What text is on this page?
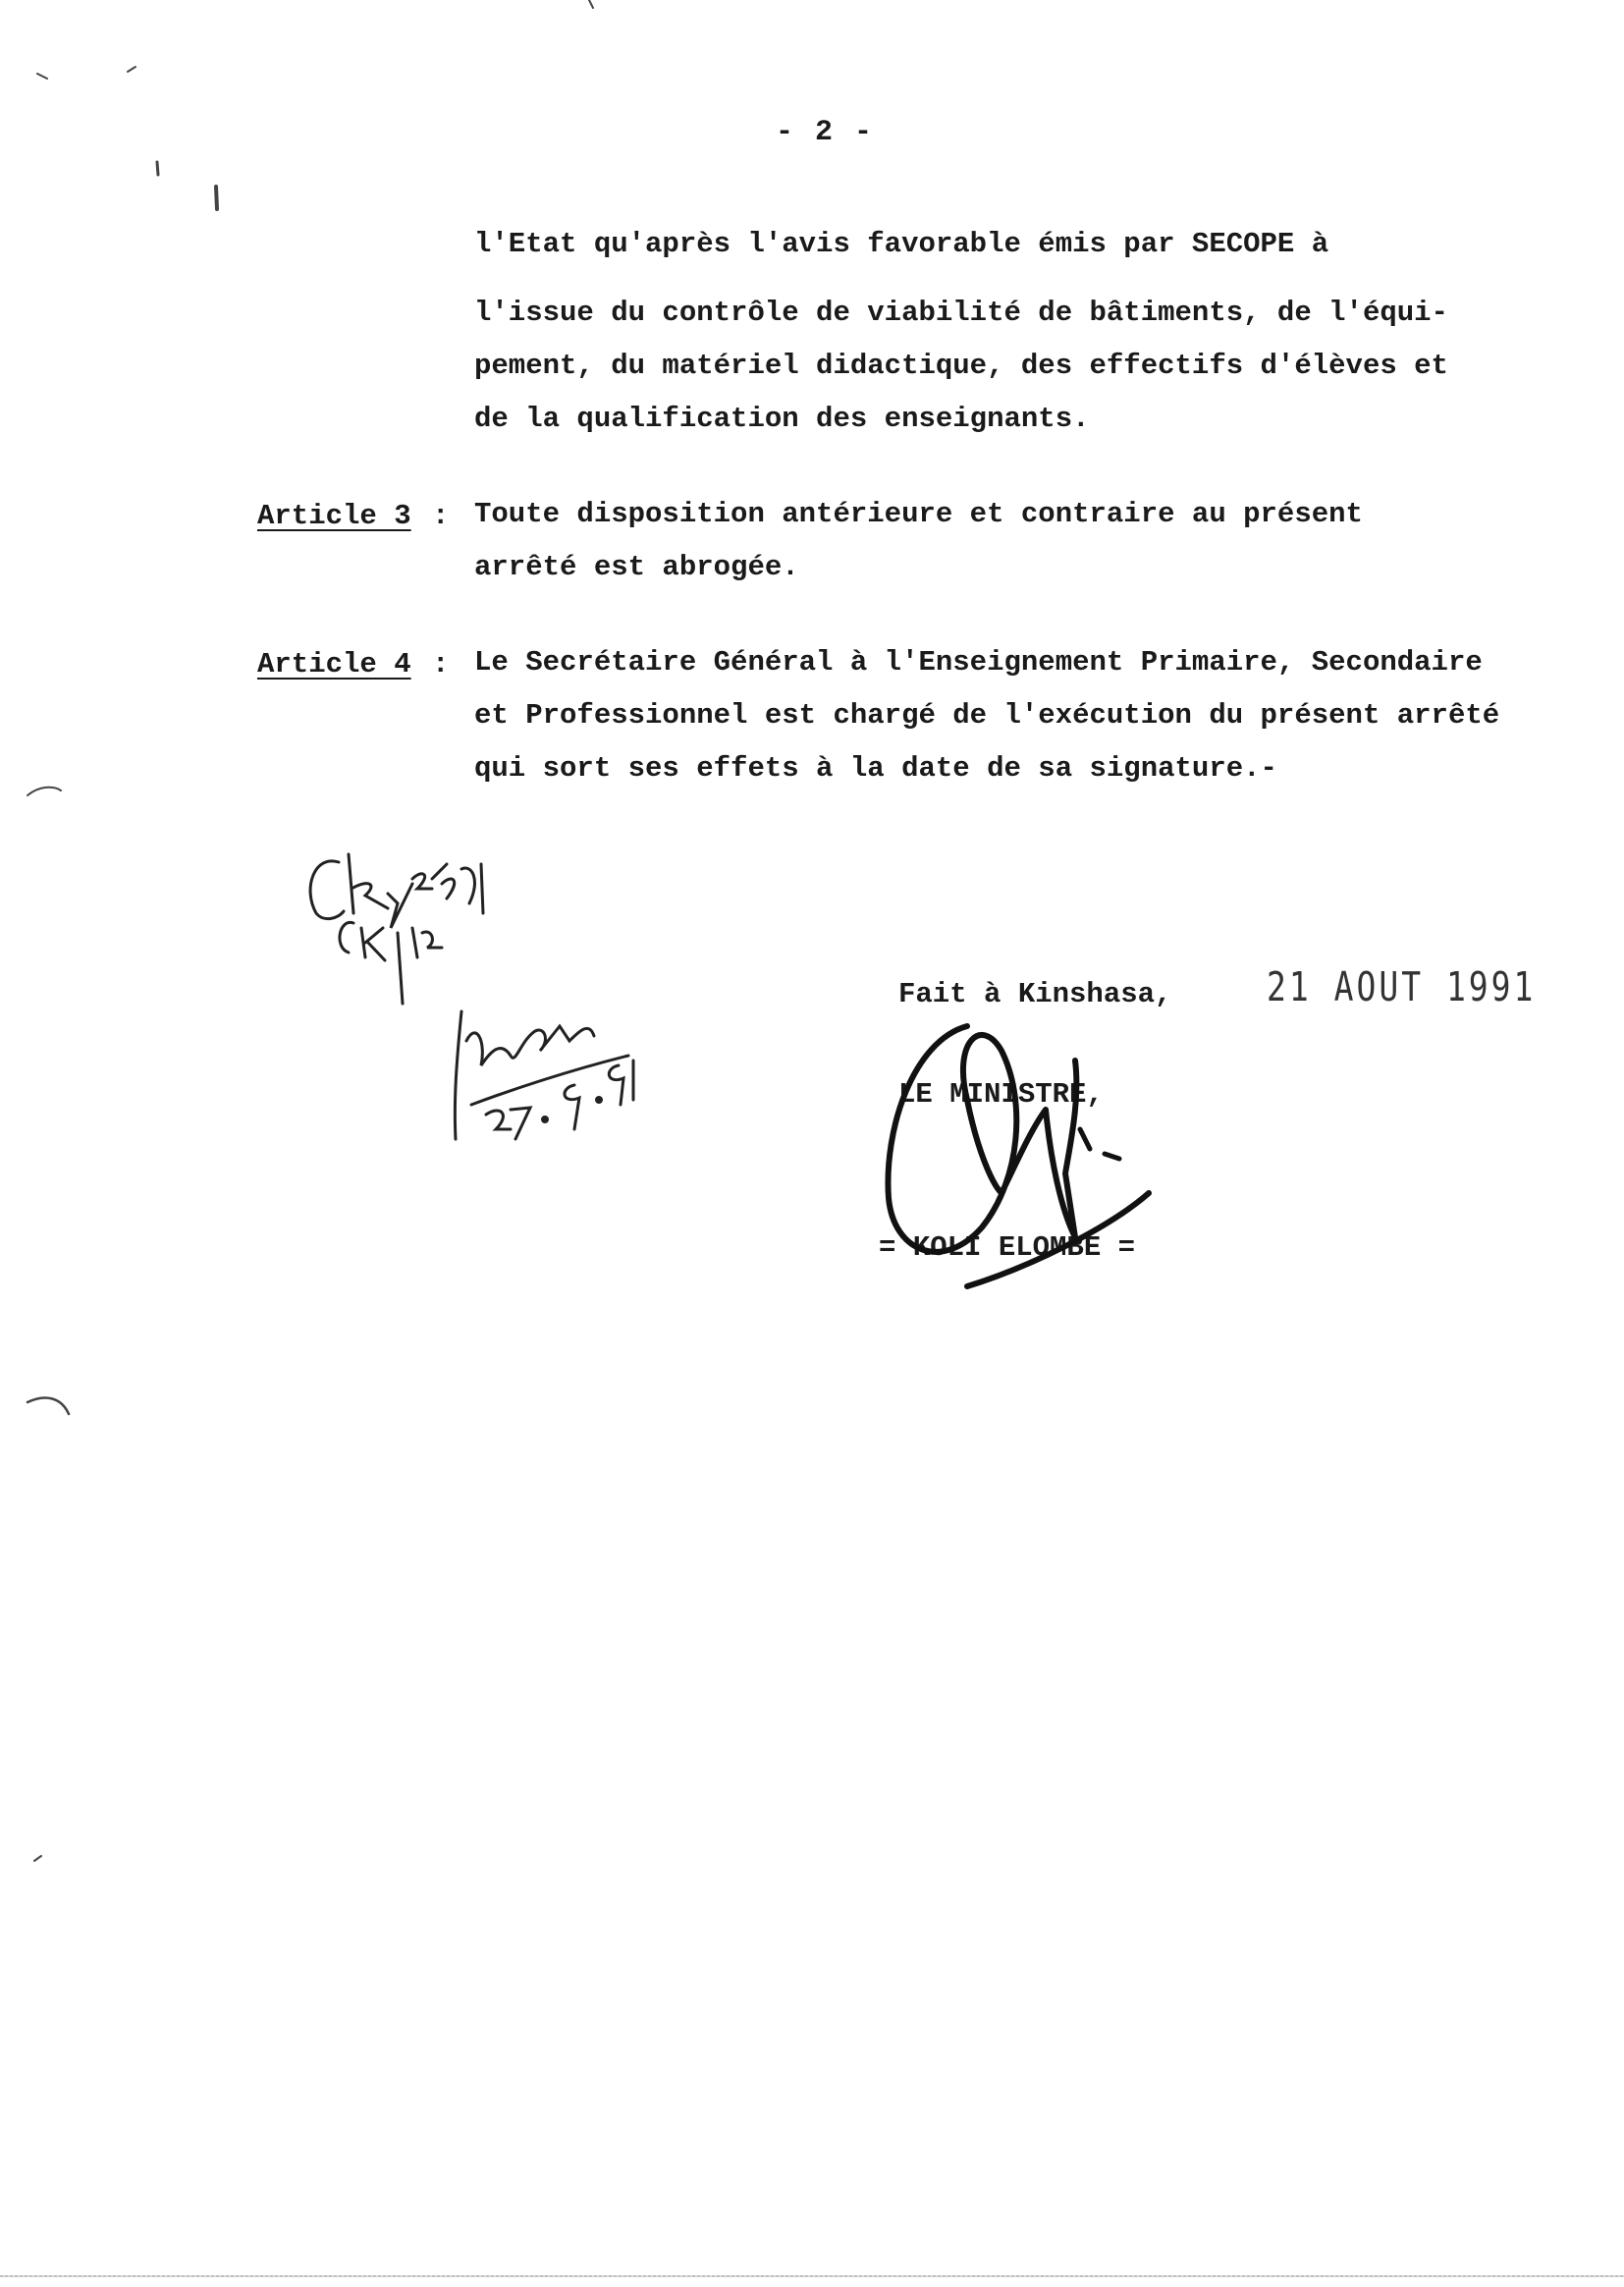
- 2 -
l'Etat qu'après l'avis favorable émis par SECOPE à
l'issue du contrôle de viabilité de bâtiments, de l'équi-
pement, du matériel didactique, des effectifs d'élèves et
de la qualification des enseignants.
Article 3 : Toute disposition antérieure et contraire au présent
arrêté est abrogée.
Article 4 : Le Secrétaire Général à l'Enseignement Primaire, Secondaire
et Professionnel est chargé de l'exécution du présent arrêté
qui sort ses effets à la date de sa signature.-
Fait à Kinshasa,	21 AOUT 1991
LE MINISTRE,
= KOLI ELOMBE =
